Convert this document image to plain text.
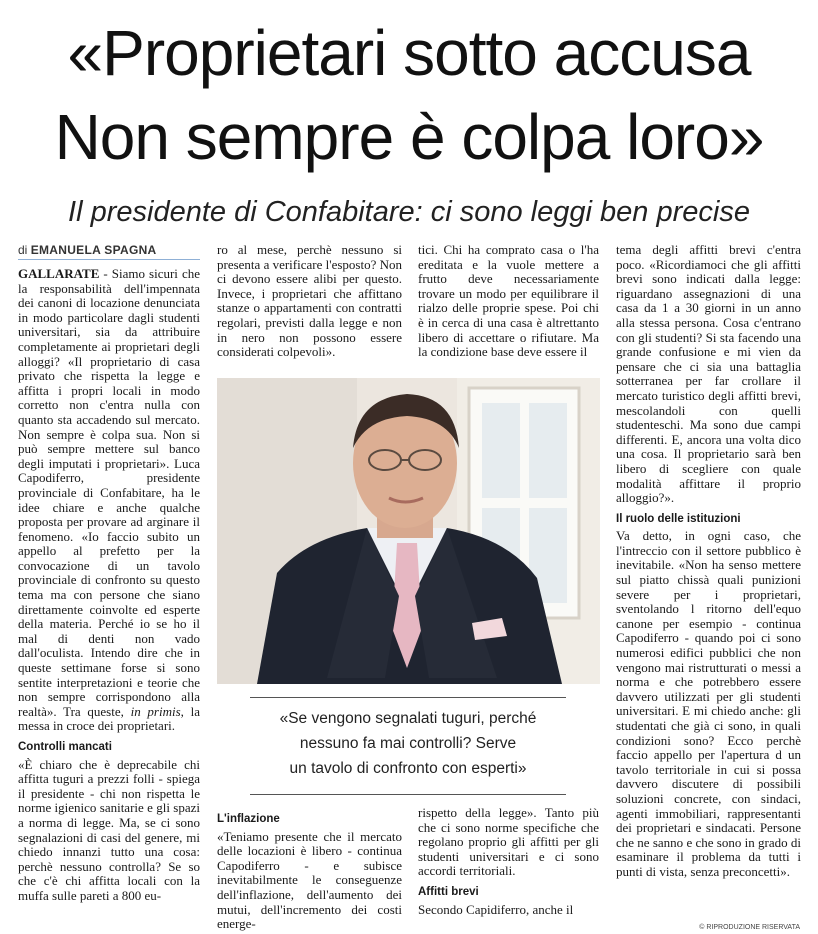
«Proprietari sotto accusa
Non sempre è colpa loro»
Il presidente di Confabitare: ci sono leggi ben precise
di EMANUELA SPAGNA

GALLARATE - Siamo sicuri che la responsabilità dell'impennata dei canoni di locazione denunciata in modo particolare dagli studenti universitari, sia da attribuire completamente ai proprietari degli alloggi? «Il proprietario di casa privato che rispetta la legge e affitta i propri locali in modo corretto non c'entra nulla con quanto sta accadendo sul mercato. Non sempre è colpa sua. Non si può sempre mettere sul banco degli imputati i proprietari». Luca Capodiferro, presidente provinciale di Confabitare, ha le idee chiare e anche qualche proposta per provare ad arginare il fenomeno. «Io faccio subito un appello al prefetto per la convocazione di un tavolo provinciale di confronto su questo tema ma con persone che siano direttamente coinvolte ed esperte della materia. Perché io se ho il mal di denti non vado dall'oculista. Intendo dire che in queste settimane forse si sono sentite interpretazioni e teorie che non sempre corrispondono alla realtà». Tra queste, in primis, la messa in croce dei proprietari.

Controlli mancati

«È chiaro che è deprecabile chi affitta tuguri a prezzi folli - spiega il presidente - chi non rispetta le norme igienico sanitarie e gli spazi a norma di legge. Ma, se ci sono segnalazioni di casi del genere, mi chiedo innanzi tutto una cosa: perchè nessuno controlla? Se so che c'è chi affitta locali con la muffa sulle pareti a 800 eu-

ro al mese, perchè nessuno si presenta a verificare l'esposto? Non ci devono essere alibi per questo. Invece, i proprietari che affittano stanze o appartamenti con contratti regolari, previsti dalla legge e non in nero non possono essere considerati colpevoli».

tici. Chi ha comprato casa o l'ha ereditata e la vuole mettere a frutto deve necessariamente trovare un modo per equilibrare il rialzo delle proprie spese. Poi chi è in cerca di una casa è altrettanto libero di accettare o rifiutare. Ma la condizione base deve essere il

tema degli affitti brevi c'entra poco. «Ricordiamoci che gli affitti brevi sono indicati dalla legge: riguardano assegnazioni di una casa da 1 a 30 giorni in un anno alla stessa persona. Cosa c'entrano con gli studenti? Si sta facendo una grande confusione e mi vien da pensare che ci sia una battaglia sotterranea per far crollare il mercato turistico degli affitti brevi, mescolandoli con quelli studenteschi. Ma sono due campi differenti. E, ancora una volta dico una cosa. Il proprietario sarà ben libero di scegliere con quale modalità affittare il proprio alloggio?».

Il ruolo delle istituzioni

Va detto, in ogni caso, che l'intreccio con il settore pubblico è inevitabile. «Non ha senso mettere sul piatto chissà quali punizioni severe per i proprietari, sventolando l ritorno dell'equo canone per esempio - continua Capodiferro - quando poi ci sono numerosi edifici pubblici che non vengono mai ristrutturati o messi a norma e che potrebbero essere davvero utilizzati per gli studenti universitari. E mi chiedo anche: gli studentati che già ci sono, in quali condizioni sono? Ecco perchè faccio appello per l'apertura d un tavolo territoriale in cui si possa davvero discutere di possibili soluzioni concrete, con sindaci, agenti immobiliari, rappresentanti dei proprietari e sindacati. Persone che ne sanno e che sono in grado di esaminare il problema da tutti i punti di vista, senza preconcetti».

«Se vengono segnalati tuguri, perché
nessuno fa mai controlli? Serve
un tavolo di confronto con esperti»
L'inflazione

«Teniamo presente che il mercato delle locazioni è libero - continua Capodiferro - e subisce inevitabilmente le conseguenze dell'inflazione, dell'aumento dei mutui, dell'incremento dei costi energe-

rispetto della legge». Tanto più che ci sono norme specifiche che regolano proprio gli affitti per gli studenti universitari e ci sono accordi territoriali.

Affitti brevi

Secondo Capidiferro, anche il

© RIPRODUZIONE RISERVATA
